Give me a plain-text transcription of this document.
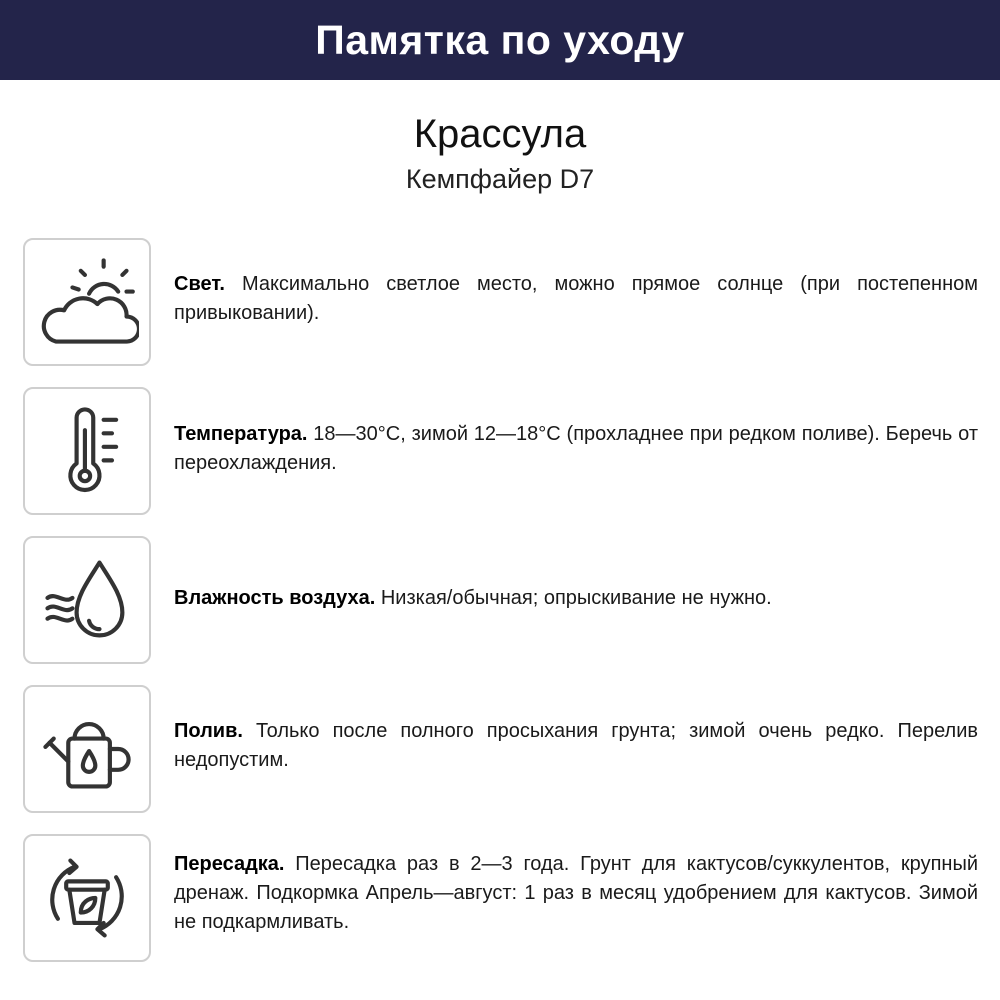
Памятка по уходу
Крассула
Кемпфайер D7
Свет. Максимально светлое место, можно прямое солнце (при постепенном привыковании).
Температура. 18—30°C, зимой 12—18°C (прохладнее при редком поливе). Беречь от переохлаждения.
Влажность воздуха. Низкая/обычная; опрыскивание не нужно.
Полив. Только после полного просыхания грунта; зимой очень редко. Перелив недопустим.
Пересадка. Пересадка раз в 2—3 года. Грунт для кактусов/суккулентов, крупный дренаж. Подкормка Апрель—август: 1 раз в месяц удобрением для кактусов. Зимой не подкармливать.
